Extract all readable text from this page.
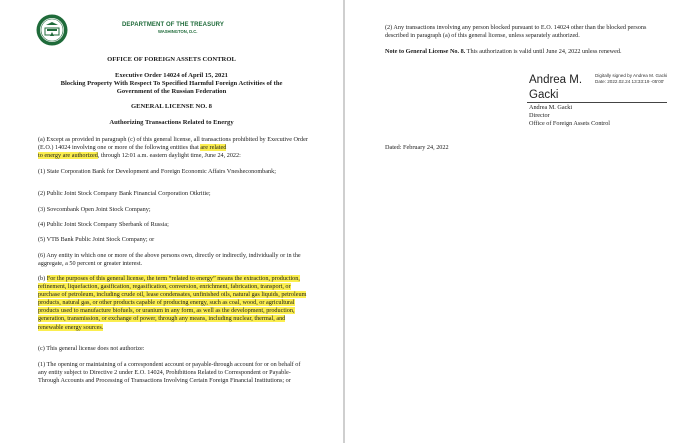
DEPARTMENT OF THE TREASURY
WASHINGTON, D.C.
OFFICE OF FOREIGN ASSETS CONTROL
Executive Order 14024 of April 15, 2021
Blocking Property With Respect To Specified Harmful Foreign Activities of the
Government of the Russian Federation
GENERAL LICENSE NO. 8
Authorizing Transactions Related to Energy
(a) Except as provided in paragraph (c) of this general license, all transactions prohibited by Executive Order (E.O.) 14024 involving one or more of the following entities that are related
to energy are authorized, through 12:01 a.m. eastern daylight time, June 24, 2022:
(1) State Corporation Bank for Development and Foreign Economic Affairs Vnesheconombank;
(2) Public Joint Stock Company Bank Financial Corporation Otkritie;
(3) Sovcombank Open Joint Stock Company;
(4) Public Joint Stock Company Sberbank of Russia;
(5) VTB Bank Public Joint Stock Company; or
(6) Any entity in which one or more of the above persons own, directly or indirectly, individually or in the aggregate, a 50 percent or greater interest.
(b) For the purposes of this general license, the term “related to energy” means the extraction, production, refinement, liquefaction, gasification, regasification, conversion, enrichment, fabrication, transport, or purchase of petroleum, including crude oil, lease condensates, unfinished oils, natural gas liquids, petroleum products, natural gas, or other products capable of producing energy, such as coal, wood, or agricultural products used to manufacture biofuels, or uranium in any form, as well as the development, production, generation, transmission, or exchange of power, through any means, including nuclear, thermal, and renewable energy sources.
(c) This general license does not authorize:
(1) The opening or maintaining of a correspondent account or payable-through account for or on behalf of any entity subject to Directive 2 under E.O. 14024, Prohibitions Related to Correspondent or Payable-Through Accounts and Processing of Transactions Involving Certain Foreign Financial Institutions; or
(2) Any transactions involving any person blocked pursuant to E.O. 14024 other than the blocked persons described in paragraph (a) of this general license, unless separately authorized.
Note to General License No. 8. This authorization is valid until June 24, 2022 unless renewed.
Andrea M.
Gacki
Digitally signed by Andrea M. Gacki
Date: 2022.02.24 13:33:19 -05'00'
Andrea M. Gacki
Director
Office of Foreign Assets Control
Dated: February 24, 2022
